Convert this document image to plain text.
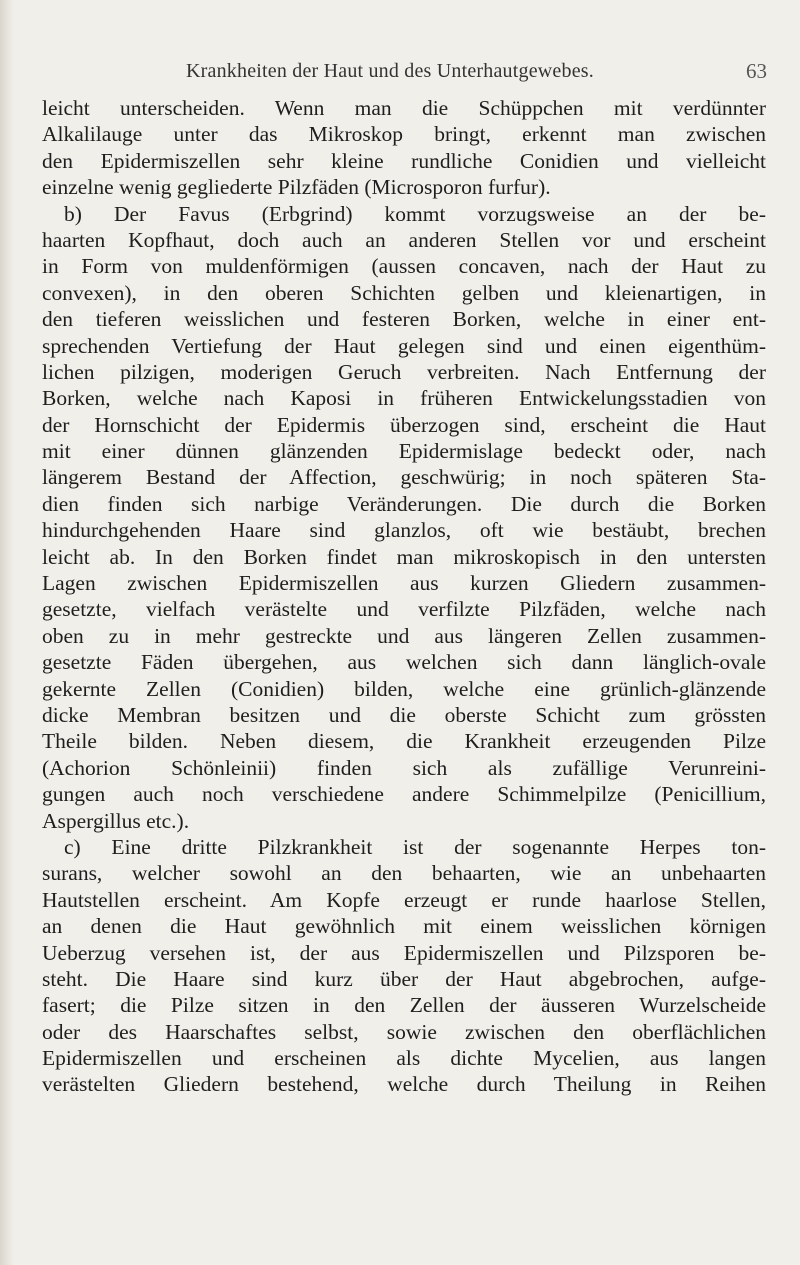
Krankheiten der Haut und des Unterhautgewebes.	63
leicht unterscheiden. Wenn man die Schüppchen mit verdünnter
Alkalilauge unter das Mikroskop bringt, erkennt man zwischen
den Epidermiszellen sehr kleine rundliche Conidien und vielleicht
einzelne wenig gegliederte Pilzfäden (Microsporon furfur).
b) Der Favus (Erbgrind) kommt vorzugsweise an der be-
haarten Kopfhaut, doch auch an anderen Stellen vor und erscheint
in Form von muldenförmigen (aussen concaven, nach der Haut zu
convexen), in den oberen Schichten gelben und kleienartigen, in
den tieferen weisslichen und festeren Borken, welche in einer ent-
sprechenden Vertiefung der Haut gelegen sind und einen eigenthüm-
lichen pilzigen, moderigen Geruch verbreiten. Nach Entfernung der
Borken, welche nach Kaposi in früheren Entwickelungsstadien von
der Hornschicht der Epidermis überzogen sind, erscheint die Haut
mit einer dünnen glänzenden Epidermislage bedeckt oder, nach
längerem Bestand der Affection, geschwürig; in noch späteren Sta-
dien finden sich narbige Veränderungen. Die durch die Borken
hindurchgehenden Haare sind glanzlos, oft wie bestäubt, brechen
leicht ab. In den Borken findet man mikroskopisch in den untersten
Lagen zwischen Epidermiszellen aus kurzen Gliedern zusammen-
gesetzte, vielfach verästelte und verfilzte Pilzfäden, welche nach
oben zu in mehr gestreckte und aus längeren Zellen zusammen-
gesetzte Fäden übergehen, aus welchen sich dann länglich-ovale
gekernte Zellen (Conidien) bilden, welche eine grünlich-glänzende
dicke Membran besitzen und die oberste Schicht zum grössten
Theile bilden. Neben diesem, die Krankheit erzeugenden Pilze
(Achorion Schönleinii) finden sich als zufällige Verunreini-
gungen auch noch verschiedene andere Schimmelpilze (Penicillium,
Aspergillus etc.).
c) Eine dritte Pilzkrankheit ist der sogenannte Herpes ton-
surans, welcher sowohl an den behaarten, wie an unbehaarten
Hautstellen erscheint. Am Kopfe erzeugt er runde haarlose Stellen,
an denen die Haut gewöhnlich mit einem weisslichen körnigen
Ueberzug versehen ist, der aus Epidermiszellen und Pilzsporen be-
steht. Die Haare sind kurz über der Haut abgebrochen, aufge-
fasert; die Pilze sitzen in den Zellen der äusseren Wurzelscheide
oder des Haarschaftes selbst, sowie zwischen den oberflächlichen
Epidermiszellen und erscheinen als dichte Mycelien, aus langen
verästelten Gliedern bestehend, welche durch Theilung in Reihen
